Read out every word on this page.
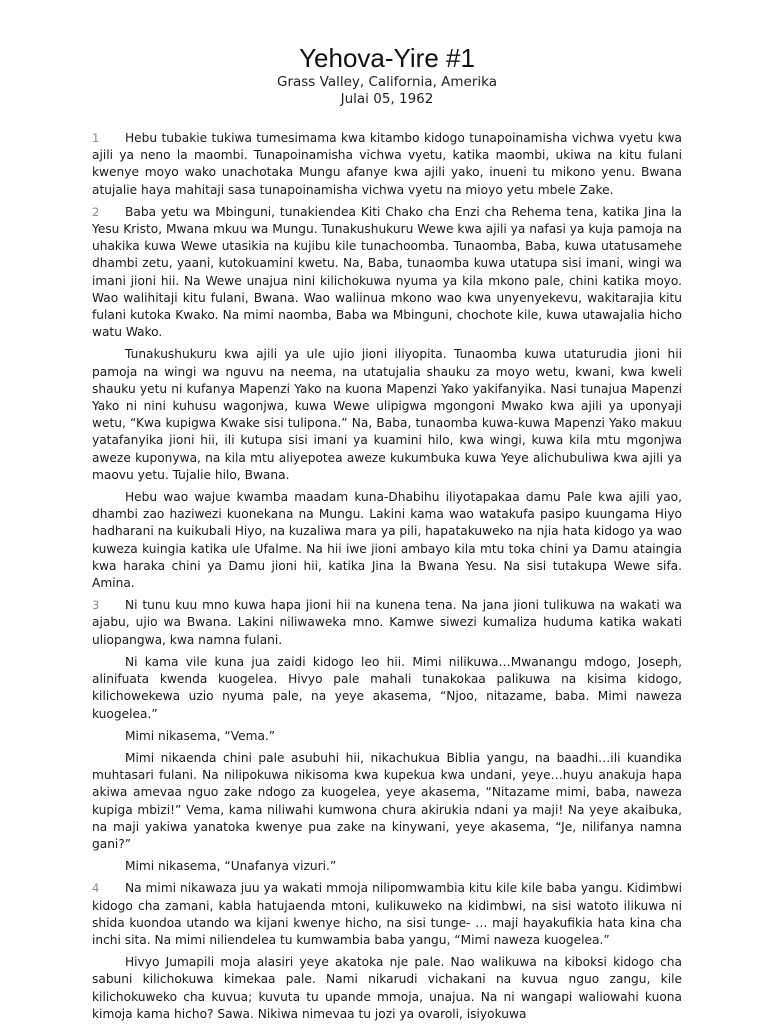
Yehova-Yire #1
Grass Valley, California, Amerika
Julai 05, 1962

1 Hebu tubakie tukiwa tumesimama kwa kitambo kidogo tunapoinamisha vichwa vyetu kwa ajili ya neno la maombi. Tunapoinamisha vichwa vyetu, katika maombi, ukiwa na kitu fulani kwenye moyo wako unachotaka Mungu afanye kwa ajili yako, inueni tu mikono yenu. Bwana atujalie haya mahitaji sasa tunapoinamisha vichwa vyetu na mioyo yetu mbele Zake.

2 Baba yetu wa Mbinguni, tunakiendea Kiti Chako cha Enzi cha Rehema tena, katika Jina la Yesu Kristo, Mwana mkuu wa Mungu. Tunakushukuru Wewe kwa ajili ya nafasi ya kuja pamoja na uhakika kuwa Wewe utasikia na kujibu kile tunachoomba. Tunaomba, Baba, kuwa utatusamehe dhambi zetu, yaani, kutokuamini kwetu. Na, Baba, tunaomba kuwa utatupa sisi imani, wingi wa imani jioni hii. Na Wewe unajua nini kilichokuwa nyuma ya kila mkono pale, chini katika moyo. Wao walihitaji kitu fulani, Bwana. Wao waliinua mkono wao kwa unyenyekevu, wakitarajia kitu fulani kutoka Kwako. Na mimi naomba, Baba wa Mbinguni, chochote kile, kuwa utawajalia hicho watu Wako.

Tunakushukuru kwa ajili ya ule ujio jioni iliyopita. Tunaomba kuwa utaturudia jioni hii pamoja na wingi wa nguvu na neema, na utatujalia shauku za moyo wetu, kwani, kwa kweli shauku yetu ni kufanya Mapenzi Yako na kuona Mapenzi Yako yakifanyika. Nasi tunajua Mapenzi Yako ni nini kuhusu wagonjwa, kuwa Wewe ulipigwa mgongoni Mwako kwa ajili ya uponyaji wetu, “Kwa kupigwa Kwake sisi tulipona.” Na, Baba, tunaomba kuwa-kuwa Mapenzi Yako makuu yatafanyika jioni hii, ili kutupa sisi imani ya kuamini hilo, kwa wingi, kuwa kila mtu mgonjwa aweze kuponywa, na kila mtu aliyepotea aweze kukumbuka kuwa Yeye alichubuliwa kwa ajili ya maovu yetu. Tujalie hilo, Bwana.

Hebu wao wajue kwamba maadam kuna-Dhabihu iliyotapakaa damu Pale kwa ajili yao, dhambi zao haziwezi kuonekana na Mungu. Lakini kama wao watakufa pasipo kuungama Hiyo hadharani na kuikubali Hiyo, na kuzaliwa mara ya pili, hapatakuweko na njia hata kidogo ya wao kuweza kuingia katika ule Ufalme. Na hii iwe jioni ambayo kila mtu toka chini ya Damu ataingia kwa haraka chini ya Damu jioni hii, katika Jina la Bwana Yesu. Na sisi tutakupa Wewe sifa. Amina.

3 Ni tunu kuu mno kuwa hapa jioni hii na kunena tena. Na jana jioni tulikuwa na wakati wa ajabu, ujio wa Bwana. Lakini niliwaweka mno. Kamwe siwezi kumaliza huduma katika wakati uliopangwa, kwa namna fulani.

Ni kama vile kuna jua zaidi kidogo leo hii. Mimi nilikuwa…Mwanangu mdogo, Joseph, alinifuata kwenda kuogelea. Hivyo pale mahali tunakokaa palikuwa na kisima kidogo, kilichowekewa uzio nyuma pale, na yeye akasema, “Njoo, nitazame, baba. Mimi naweza kuogelea.”

Mimi nikasema, “Vema.”

Mimi nikaenda chini pale asubuhi hii, nikachukua Biblia yangu, na baadhi…ili kuandika muhtasari fulani. Na nilipokuwa nikisoma kwa kupekua kwa undani, yeye…huyu anakuja hapa akiwa amevaa nguo zake ndogo za kuogelea, yeye akasema, “Nitazame mimi, baba, naweza kupiga mbizi!” Vema, kama niliwahi kumwona chura akirukia ndani ya maji! Na yeye akaibuka, na maji yakiwa yanatoka kwenye pua zake na kinywani, yeye akasema, “Je, nilifanya namna gani?”

Mimi nikasema, “Unafanya vizuri.”

4 Na mimi nikawaza juu ya wakati mmoja nilipomwambia kitu kile kile baba yangu. Kidimbwi kidogo cha zamani, kabla hatujaenda mtoni, kulikuweko na kidimbwi, na sisi watoto ilikuwa ni shida kuondoa utando wa kijani kwenye hicho, na sisi tunge- … maji hayakufikia hata kina cha inchi sita. Na mimi niliendelea tu kumwambia baba yangu, “Mimi naweza kuogelea.”

Hivyo Jumapili moja alasiri yeye akatoka nje pale. Nao walikuwa na kiboksi kidogo cha sabuni kilichokuwa kimekaa pale. Nami nikarudi vichakani na kuvua nguo zangu, kile kilichokuweko cha kuvua; kuvuta tu upande mmoja, unajua. Na ni wangapi waliowahi kuona kimoja kama hicho? Sawa. Nikiwa nimevaa tu jozi ya ovaroli, isiyokuwa
